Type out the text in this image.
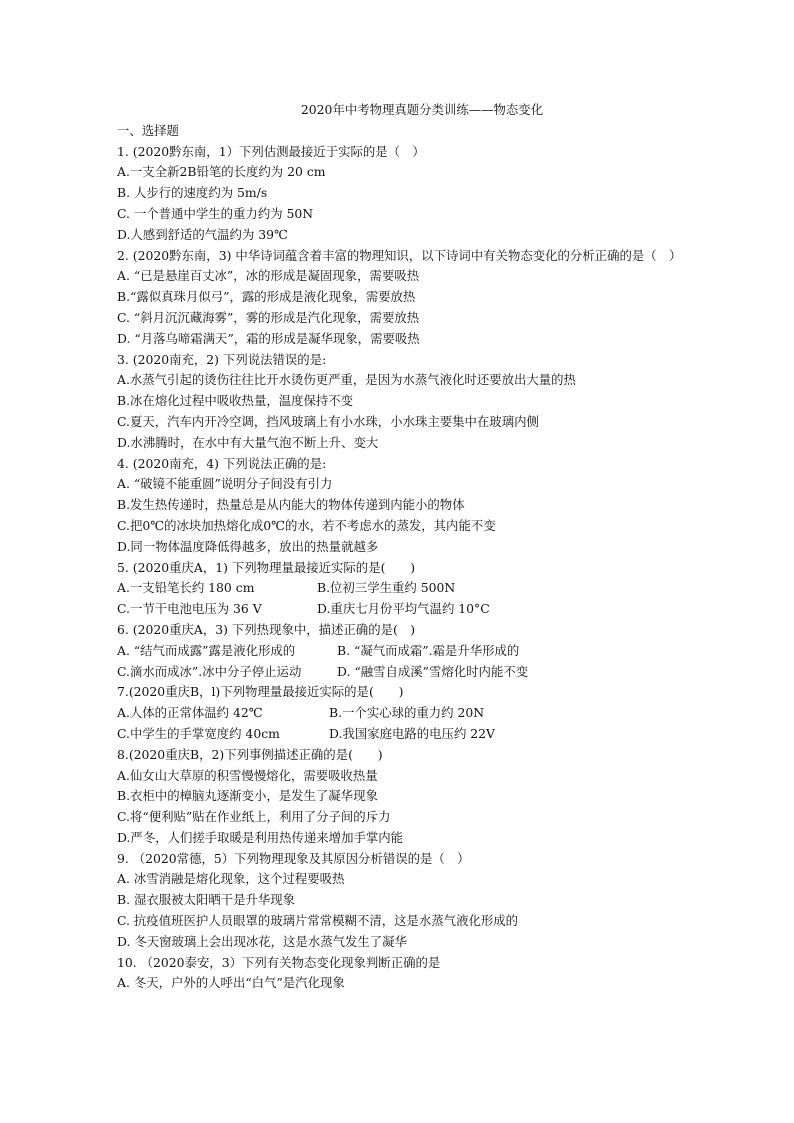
2020年中考物理真题分类训练——物态变化
一、选择题
1. (2020黔东南，1）下列估测最接近于实际的是（　）
A.一支全新2B铅笔的长度约为 20 cm
B. 人步行的速度约为 5m/s
C. 一个普通中学生的重力约为 50N
D.人感到舒适的气温约为 39℃
2. (2020黔东南，3) 中华诗词蕴含着丰富的物理知识，以下诗词中有关物态变化的分析正确的是（　）
A. “已是悬崖百丈冰”，冰的形成是凝固现象，需要吸热
B.“露似真珠月似弓”，露的形成是液化现象，需要放热
C. “斜月沉沉藏海雾”，雾的形成是汽化现象，需要放热
D. “月落乌啼霜满天”，霜的形成是凝华现象，需要吸热
3. (2020南充，2) 下列说法错误的是:
A.水蒸气引起的烫伤往往比开水烫伤更严重，是因为水蒸气液化时还要放出大量的热
B.冰在熔化过程中吸收热量，温度保持不变
C.夏天，汽车内开冷空调，挡风玻璃上有小水珠，小水珠主要集中在玻璃内侧
D.水沸腾时，在水中有大量气泡不断上升、变大
4. (2020南充，4) 下列说法正确的是:
A. “破镜不能重圆”说明分子间没有引力
B.发生热传递时，热量总是从内能大的物体传递到内能小的物体
C.把0℃的冰块加热熔化成0℃的水，若不考虑水的蒸发，其内能不变
D.同一物体温度降低得越多，放出的热量就越多
5. (2020重庆A，1) 下列物理量最接近实际的是(　　)
A.一支铅笔长约 180 cm	B.位初三学生重约 500N
C.一节干电池电压为 36 V	D.重庆七月份平均气温约 10°C
6. (2020重庆A，3) 下列热现象中，描述正确的是(　)
A. “结气而成露”露是液化形成的	B. “凝气而成霜”.霜是升华形成的
C.滴水而成冰”.冰中分子停止运动	D. “融雪自成溪”雪熔化时内能不变
7.(2020重庆B，l)下列物理量最接近实际的是(　　)
A.人体的正常体温约 42℃	B.一个实心球的重力约 20N
C.中学生的手掌宽度约 40cm	D.我国家庭电路的电压约 22V
8.(2020重庆B，2)下列事例描述正确的是(　　)
A.仙女山大草原的积雪慢慢熔化，需要吸收热量
B.衣柜中的樟脑丸逐渐变小，是发生了凝华现象
C.将“便利贴”贴在作业纸上，利用了分子间的斥力
D.严冬，人们搓手取暖是利用热传递来增加手掌内能
9. （2020常德，5）下列物理现象及其原因分析错误的是（　）
A. 冰雪消融是熔化现象，这个过程要吸热
B. 湿衣服被太阳晒干是升华现象
C. 抗疫值班医护人员眼罩的玻璃片常常模糊不清，这是水蒸气液化形成的
D. 冬天窗玻璃上会出现冰花，这是水蒸气发生了凝华
10. （2020泰安，3）下列有关物态变化现象判断正确的是
A. 冬天，户外的人呼出“白气”是汽化现象
